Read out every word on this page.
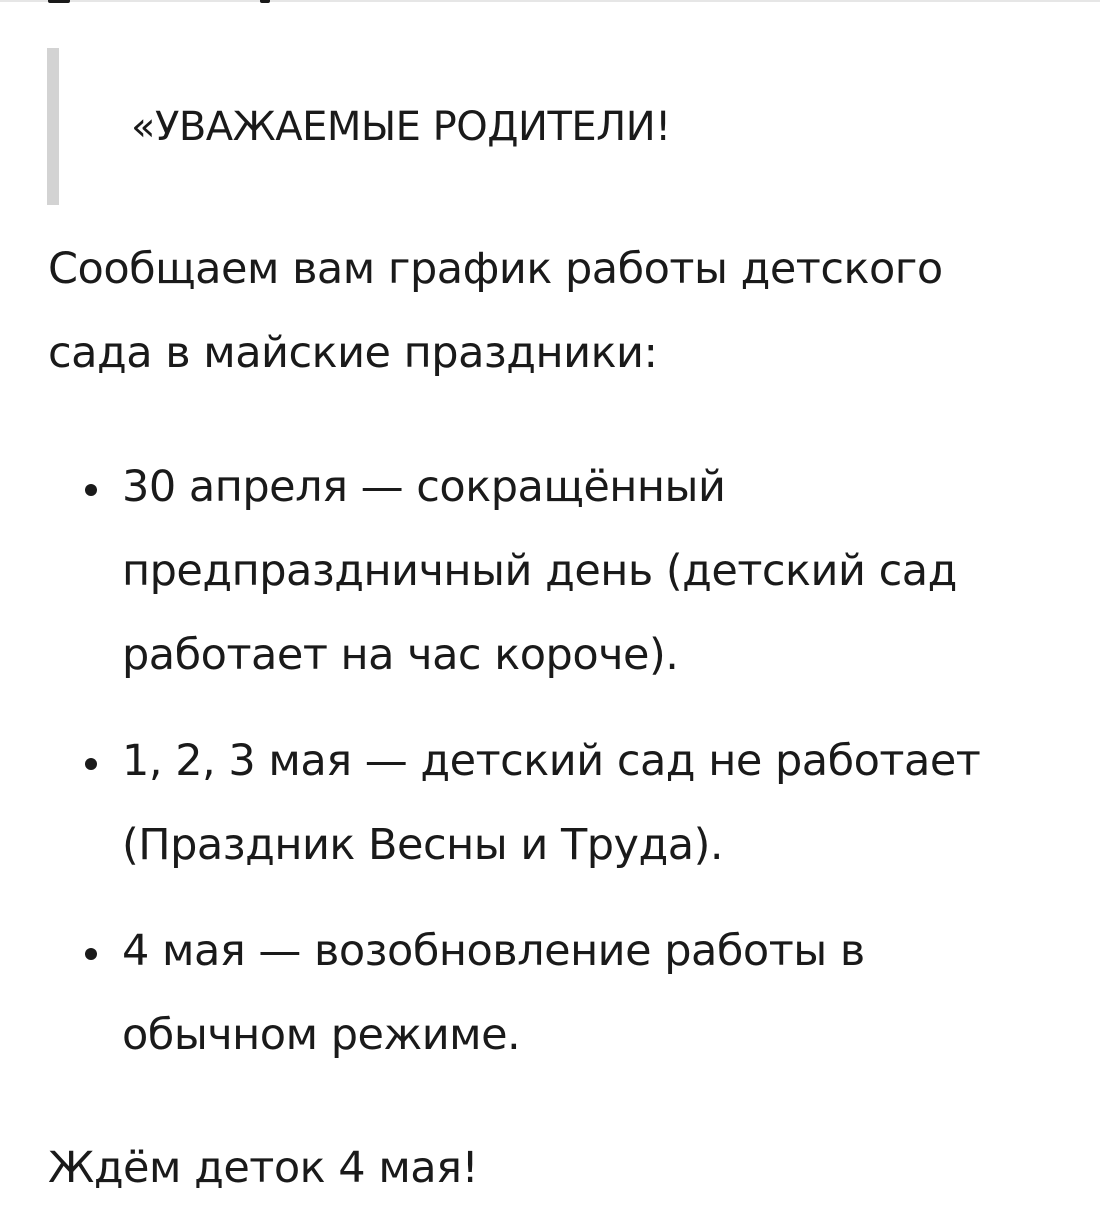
«УВАЖАЕМЫЕ РОДИТЕЛИ!

Сообщаем вам график работы детского сада в майские праздники:

30 апреля — сокращённый предпраздничный день (детский сад работает на час короче).
1, 2, 3 мая — детский сад не работает (Праздник Весны и Труда).
4 мая — возобновление работы в обычном режиме.

Ждём деток 4 мая!
